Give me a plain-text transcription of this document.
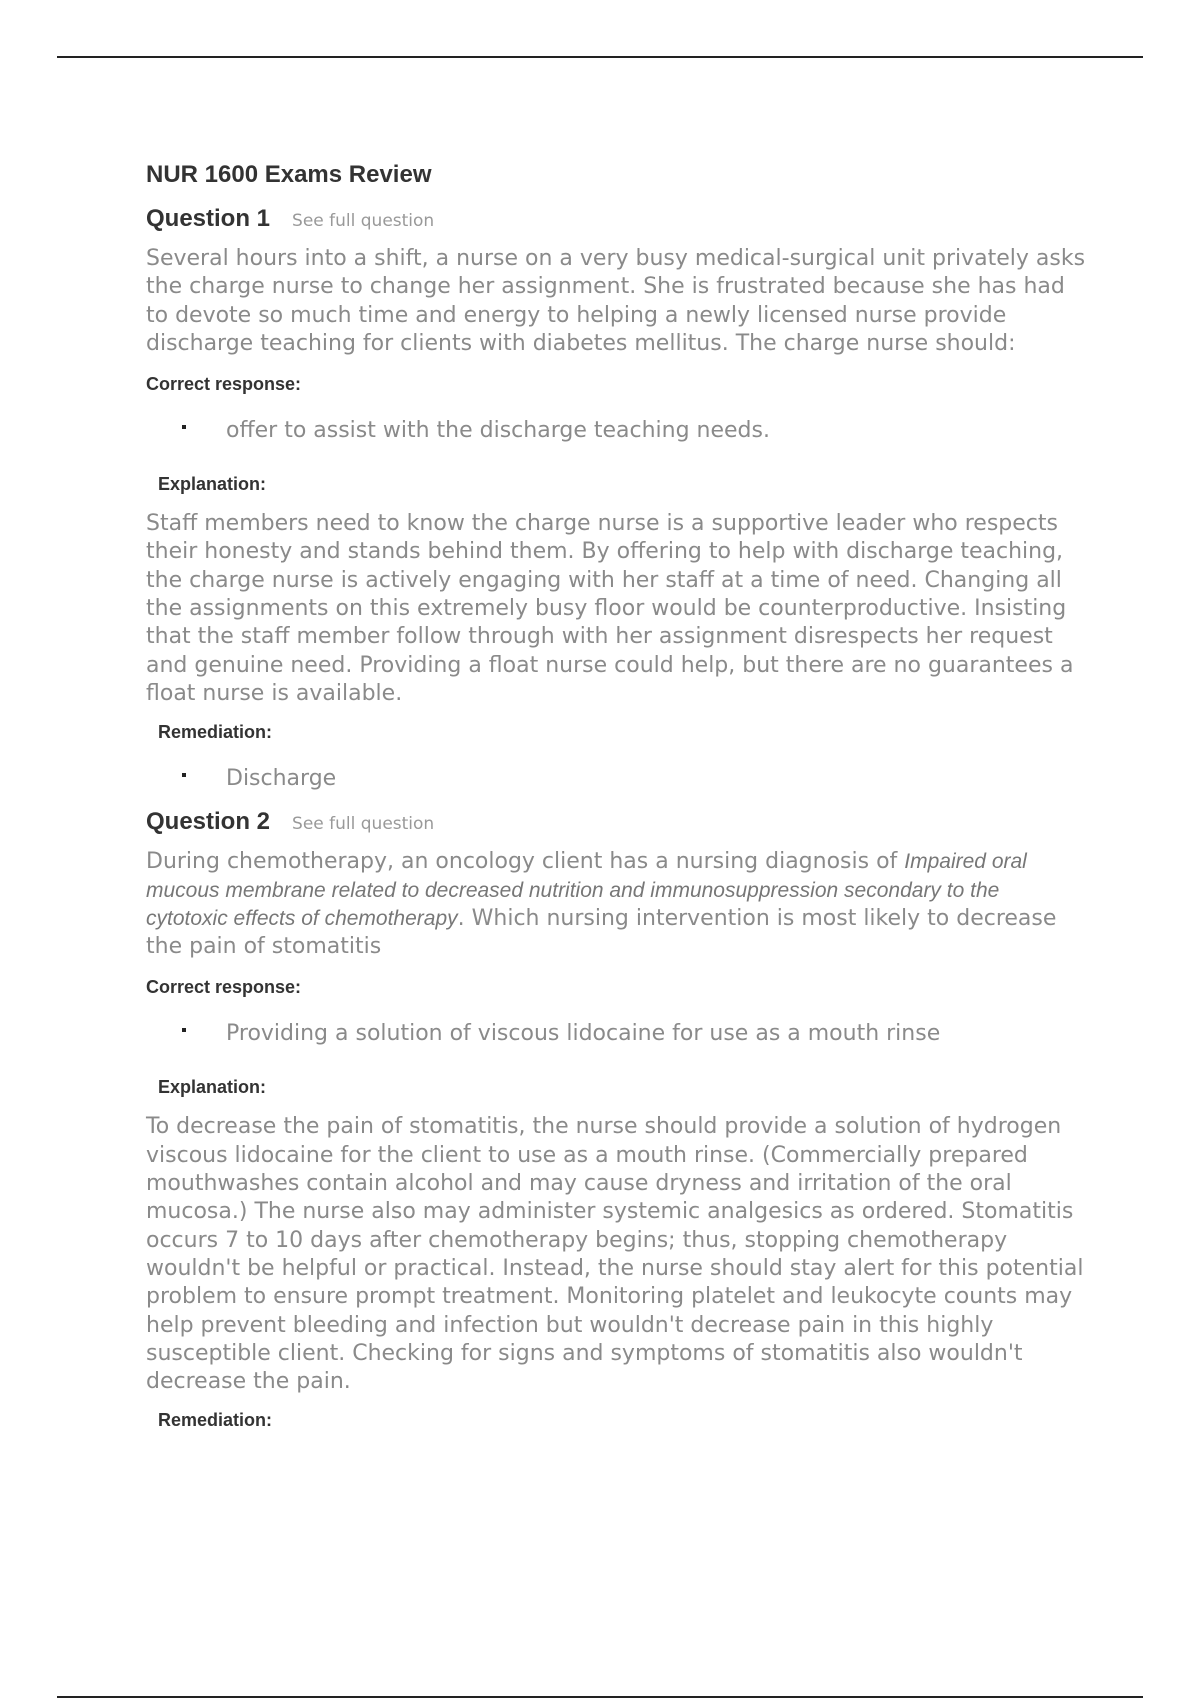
NUR 1600 Exams Review
Question 1 See full question

Several hours into a shift, a nurse on a very busy medical-surgical unit privately asks the charge nurse to change her assignment. She is frustrated because she has had to devote so much time and energy to helping a newly licensed nurse provide discharge teaching for clients with diabetes mellitus. The charge nurse should:

Correct response:

offer to assist with the discharge teaching needs.

Explanation:

Staff members need to know the charge nurse is a supportive leader who respects their honesty and stands behind them. By offering to help with discharge teaching, the charge nurse is actively engaging with her staff at a time of need. Changing all the assignments on this extremely busy floor would be counterproductive. Insisting that the staff member follow through with her assignment disrespects her request and genuine need. Providing a float nurse could help, but there are no guarantees a float nurse is available.

Remediation:

Discharge
Question 2 See full question

During chemotherapy, an oncology client has a nursing diagnosis of Impaired oral mucous membrane related to decreased nutrition and immunosuppression secondary to the cytotoxic effects of chemotherapy. Which nursing intervention is most likely to decrease the pain of stomatitis

Correct response:

Providing a solution of viscous lidocaine for use as a mouth rinse

Explanation:

To decrease the pain of stomatitis, the nurse should provide a solution of hydrogen viscous lidocaine for the client to use as a mouth rinse. (Commercially prepared mouthwashes contain alcohol and may cause dryness and irritation of the oral mucosa.) The nurse also may administer systemic analgesics as ordered. Stomatitis occurs 7 to 10 days after chemotherapy begins; thus, stopping chemotherapy wouldn't be helpful or practical. Instead, the nurse should stay alert for this potential problem to ensure prompt treatment. Monitoring platelet and leukocyte counts may help prevent bleeding and infection but wouldn't decrease pain in this highly susceptible client. Checking for signs and symptoms of stomatitis also wouldn't decrease the pain.

Remediation:
